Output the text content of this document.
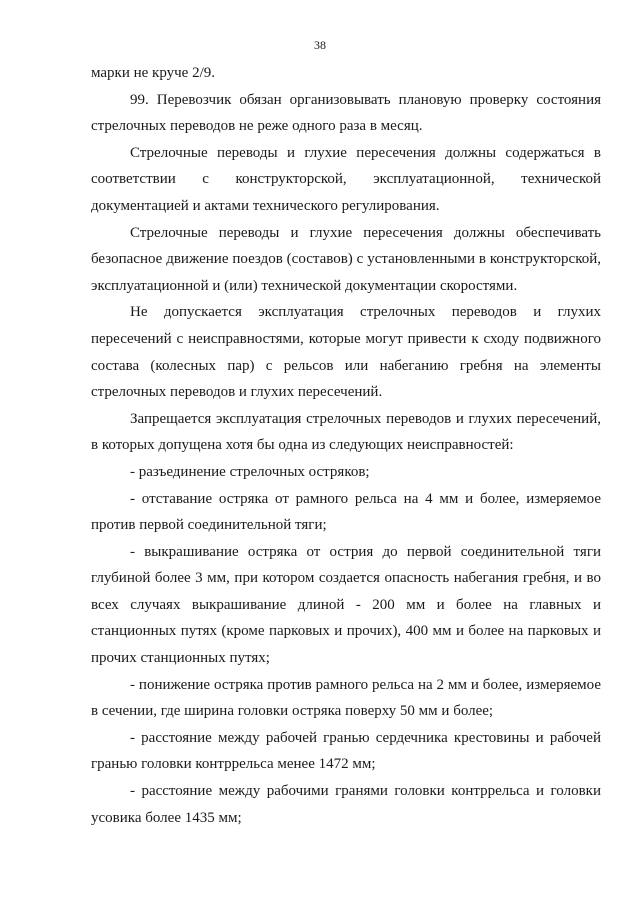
38

марки не круче 2/9.

99. Перевозчик обязан организовывать плановую проверку состояния стрелочных переводов не реже одного раза в месяц.

Стрелочные переводы и глухие пересечения должны содержаться в соответствии с конструкторской, эксплуатационной, технической документацией и актами технического регулирования.

Стрелочные переводы и глухие пересечения должны обеспечивать безопасное движение поездов (составов) с установленными в конструкторской, эксплуатационной и (или) технической документации скоростями.

Не допускается эксплуатация стрелочных переводов и глухих пересечений с неисправностями, которые могут привести к сходу подвижного состава (колесных пар) с рельсов или набеганию гребня на элементы стрелочных переводов и глухих пересечений.

Запрещается эксплуатация стрелочных переводов и глухих пересечений, в которых допущена хотя бы одна из следующих неисправностей:

- разъединение стрелочных остряков;

- отставание остряка от рамного рельса на 4 мм и более, измеряемое против первой соединительной тяги;

- выкрашивание остряка от острия до первой соединительной тяги глубиной более 3 мм, при котором создается опасность набегания гребня, и во всех случаях выкрашивание длиной - 200 мм и более на главных и станционных путях (кроме парковых и прочих), 400 мм и более на парковых и прочих станционных путях;

- понижение остряка против рамного рельса на 2 мм и более, измеряемое в сечении, где ширина головки остряка поверху 50 мм и более;

- расстояние между рабочей гранью сердечника крестовины и рабочей гранью головки контррельса менее 1472 мм;

- расстояние между рабочими гранями головки контррельса и головки усовика более 1435 мм;
